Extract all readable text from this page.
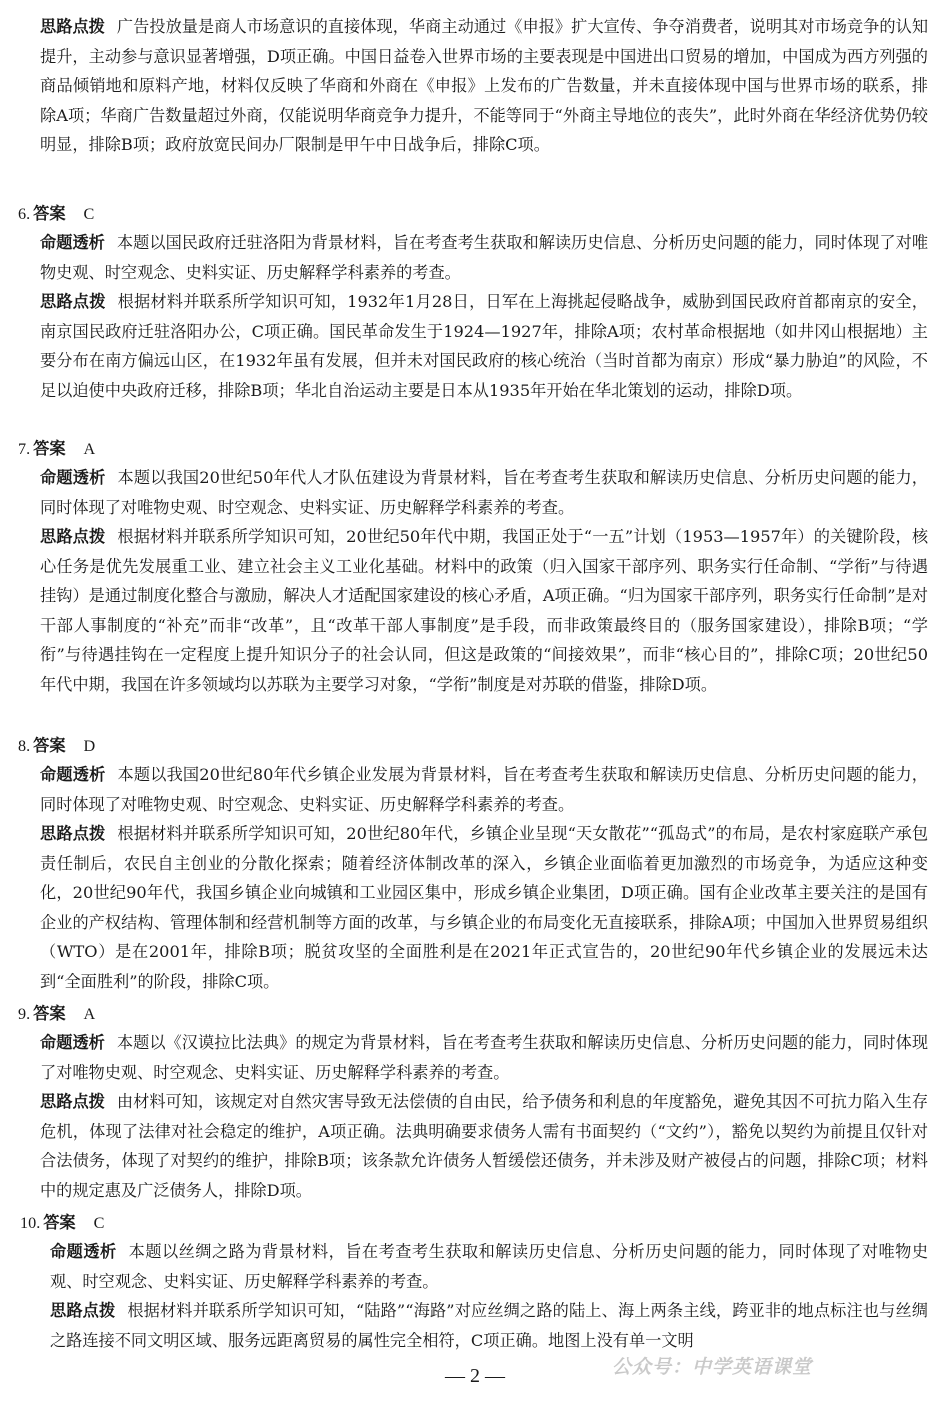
思路点拨 广告投放量是商人市场意识的直接体现，华商主动通过《申报》扩大宣传、争夺消费者，说明其对市场竞争的认知提升，主动参与意识显著增强，D项正确。中国日益卷入世界市场的主要表现是中国进出口贸易的增加，中国成为西方列强的商品倾销地和原料产地，材料仅反映了华商和外商在《申报》上发布的广告数量，并未直接体现中国与世界市场的联系，排除A项；华商广告数量超过外商，仅能说明华商竞争力提升，不能等同于“外商主导地位的丧失”，此时外商在华经济优势仍较明显，排除B项；政府放宽民间办厂限制是甲午中日战争后，排除C项。

6. 答案 C

命题透析 本题以国民政府迁驻洛阳为背景材料，旨在考查考生获取和解读历史信息、分析历史问题的能力，同时体现了对唯物史观、时空观念、史料实证、历史解释学科素养的考查。

思路点拨 根据材料并联系所学知识可知，1932年1月28日，日军在上海挑起侵略战争，威胁到国民政府首都南京的安全，南京国民政府迁驻洛阳办公，C项正确。国民革命发生于1924—1927年，排除A项；农村革命根据地（如井冈山根据地）主要分布在南方偏远山区，在1932年虽有发展，但并未对国民政府的核心统治（当时首都为南京）形成“暴力胁迫”的风险，不足以迫使中央政府迁移，排除B项；华北自治运动主要是日本从1935年开始在华北策划的运动，排除D项。

7. 答案 A

命题透析 本题以我国20世纪50年代人才队伍建设为背景材料，旨在考查考生获取和解读历史信息、分析历史问题的能力，同时体现了对唯物史观、时空观念、史料实证、历史解释学科素养的考查。

思路点拨 根据材料并联系所学知识可知，20世纪50年代中期，我国正处于“一五”计划（1953—1957年）的关键阶段，核心任务是优先发展重工业、建立社会主义工业化基础。材料中的政策（归入国家干部序列、职务实行任命制、“学衔”与待遇挂钩）是通过制度化整合与激励，解决人才适配国家建设的核心矛盾，A项正确。“归为国家干部序列，职务实行任命制”是对干部人事制度的“补充”而非“改革”，且“改革干部人事制度”是手段，而非政策最终目的（服务国家建设），排除B项；“学衔”与待遇挂钩在一定程度上提升知识分子的社会认同，但这是政策的“间接效果”，而非“核心目的”，排除C项；20世纪50年代中期，我国在许多领域均以苏联为主要学习对象，“学衔”制度是对苏联的借鉴，排除D项。

8. 答案 D

命题透析 本题以我国20世纪80年代乡镇企业发展为背景材料，旨在考查考生获取和解读历史信息、分析历史问题的能力，同时体现了对唯物史观、时空观念、史料实证、历史解释学科素养的考查。

思路点拨 根据材料并联系所学知识可知，20世纪80年代，乡镇企业呈现“天女散花”“孤岛式”的布局，是农村家庭联产承包责任制后，农民自主创业的分散化探索；随着经济体制改革的深入，乡镇企业面临着更加激烈的市场竞争，为适应这种变化，20世纪90年代，我国乡镇企业向城镇和工业园区集中，形成乡镇企业集团，D项正确。国有企业改革主要关注的是国有企业的产权结构、管理体制和经营机制等方面的改革，与乡镇企业的布局变化无直接联系，排除A项；中国加入世界贸易组织（WTO）是在2001年，排除B项；脱贫攻坚的全面胜利是在2021年正式宣告的，20世纪90年代乡镇企业的发展远未达到“全面胜利”的阶段，排除C项。

9. 答案 A

命题透析 本题以《汉谟拉比法典》的规定为背景材料，旨在考查考生获取和解读历史信息、分析历史问题的能力，同时体现了对唯物史观、时空观念、史料实证、历史解释学科素养的考查。

思路点拨 由材料可知，该规定对自然灾害导致无法偿债的自由民，给予债务和利息的年度豁免，避免其因不可抗力陷入生存危机，体现了法律对社会稳定的维护，A项正确。法典明确要求债务人需有书面契约（“文约”），豁免以契约为前提且仅针对合法债务，体现了对契约的维护，排除B项；该条款允许债务人暂缓偿还债务，并未涉及财产被侵占的问题，排除C项；材料中的规定惠及广泛债务人，排除D项。

10. 答案 C

命题透析 本题以丝绸之路为背景材料，旨在考查考生获取和解读历史信息、分析历史问题的能力，同时体现了对唯物史观、时空观念、史料实证、历史解释学科素养的考查。

思路点拨 根据材料并联系所学知识可知，“陆路”“海路”对应丝绸之路的陆上、海上两条主线，跨亚非的地点标注也与丝绸之路连接不同文明区域、服务远距离贸易的属性完全相符，C项正确。地图上没有单一文明

公众号：中学英语课堂
— 2 —
